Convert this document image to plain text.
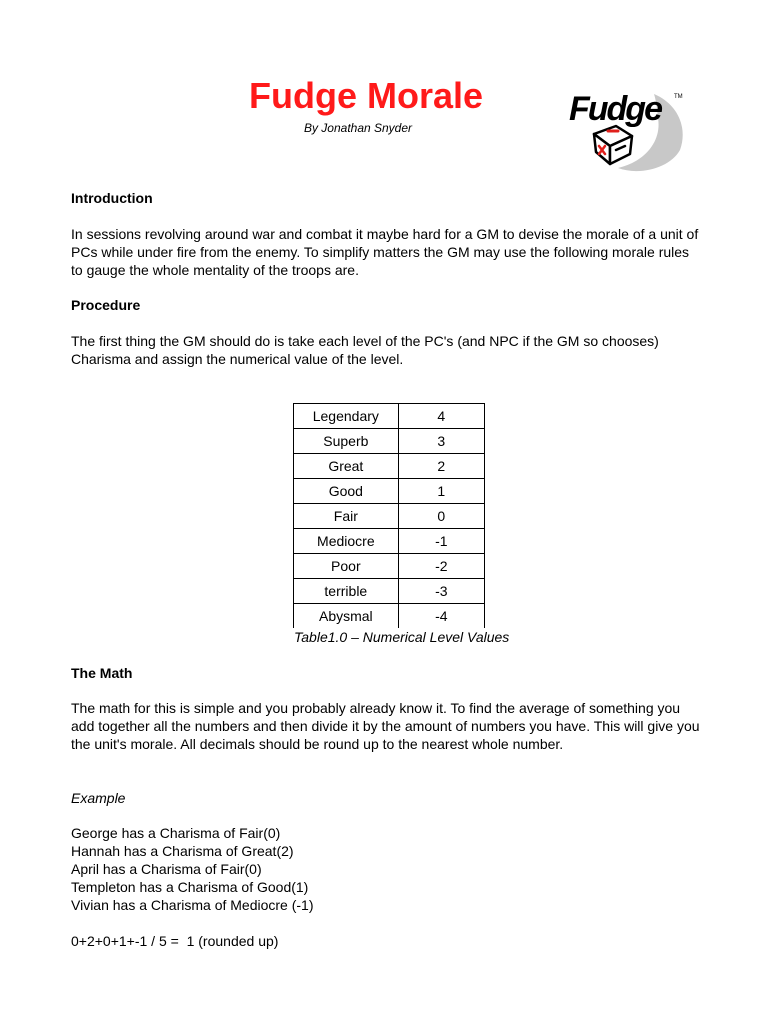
Fudge Morale
By Jonathan Snyder	Fudge TM
Introduction

In sessions revolving around war and combat it maybe hard for a GM to devise the morale of a unit of PCs while under fire from the enemy. To simplify matters the GM may use the following morale rules to gauge the whole mentality of the troops are.

Procedure

The first thing the GM should do is take each level of the PC's (and NPC if the GM so chooses) Charisma and assign the numerical value of the level.

Legendary	4
Superb	3
Great	2
Good	1
Fair	0
Mediocre	-1
Poor	-2
terrible	-3
Abysmal	-4
Table1.0 – Numerical Level Values
The Math

The math for this is simple and you probably already know it. To find the average of something you add together all the numbers and then divide it by the amount of numbers you have. This will give you the unit's morale. All decimals should be round up to the nearest whole number.

Example
George has a Charisma of Fair(0)
Hannah has a Charisma of Great(2)
April has a Charisma of Fair(0)
Templeton has a Charisma of Good(1)
Vivian has a Charisma of Mediocre (-1)
0+2+0+1+-1 / 5 =  1 (rounded up)
